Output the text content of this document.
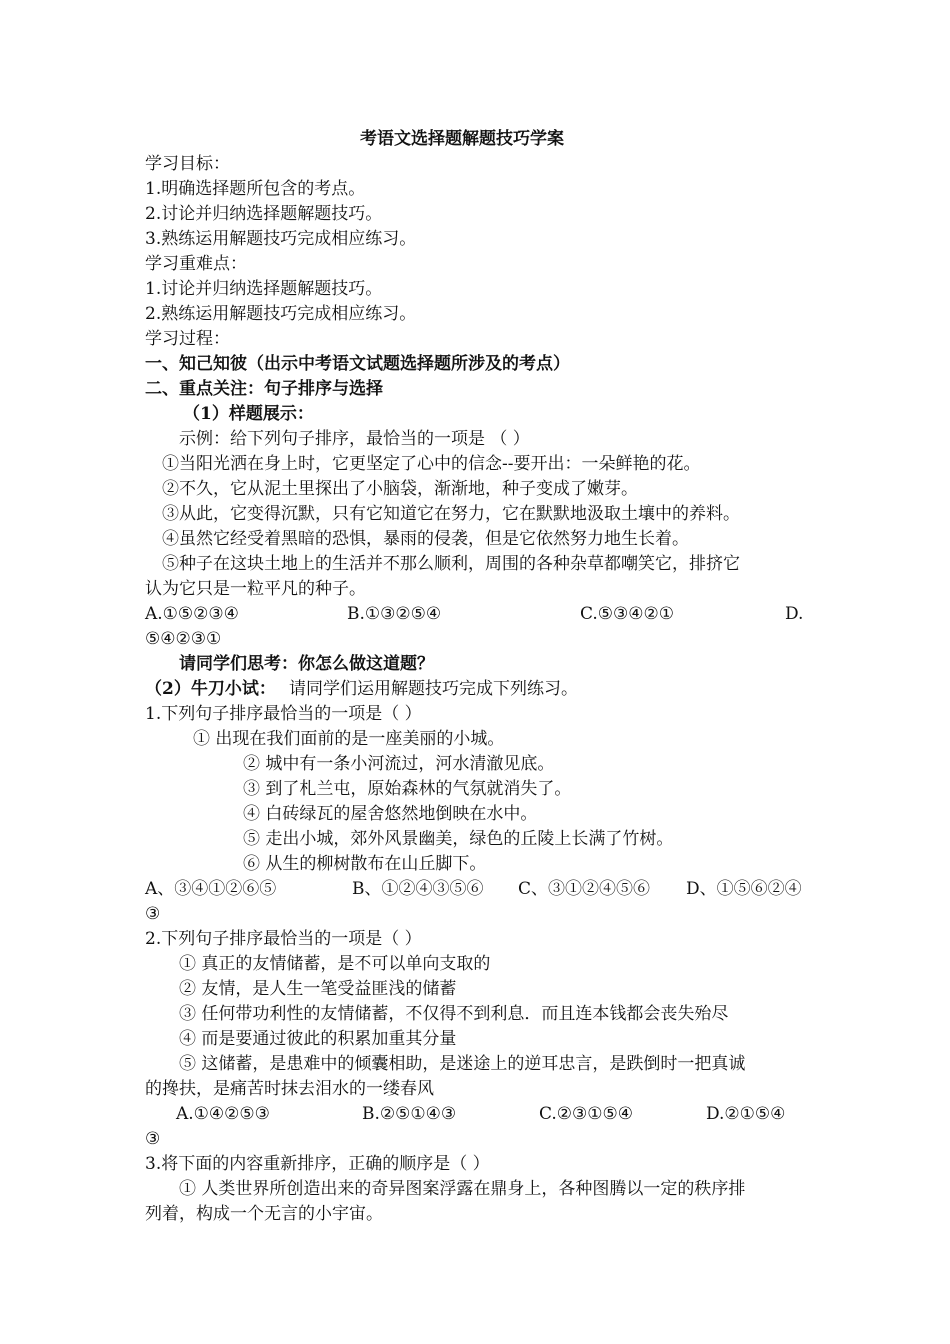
考语文选择题解题技巧学案
学习目标：
1.明确选择题所包含的考点。
2.讨论并归纳选择题解题技巧。
3.熟练运用解题技巧完成相应练习。
学习重难点：
1.讨论并归纳选择题解题技巧。
2.熟练运用解题技巧完成相应练习。
学习过程：
一、知己知彼（出示中考语文试题选择题所涉及的考点）
二、重点关注：句子排序与选择
（1）样题展示：
示例：给下列句子排序，最恰当的一项是 （ ）
①当阳光洒在身上时，它更坚定了心中的信念--要开出：一朵鲜艳的花。
②不久，它从泥土里探出了小脑袋，渐渐地，种子变成了嫩芽。
③从此，它变得沉默，只有它知道它在努力，它在默默地汲取土壤中的养料。
④虽然它经受着黑暗的恐惧，暴雨的侵袭，但是它依然努力地生长着。
⑤种子在这块土地上的生活并不那么顺利，周围的各种杂草都嘲笑它，排挤它
认为它只是一粒平凡的种子。
A.①⑤②③④	B.①③②⑤④	C.⑤③④②①	D.
⑤④②③①
请同学们思考：你怎么做这道题？
（2）牛刀小试： 请同学们运用解题技巧完成下列练习。
1.下列句子排序最恰当的一项是（ ）
① 出现在我们面前的是一座美丽的小城。
② 城中有一条小河流过，河水清澈见底。
③ 到了札兰屯，原始森林的气氛就消失了。
④ 白砖绿瓦的屋舍悠然地倒映在水中。
⑤ 走出小城，郊外风景幽美，绿色的丘陵上长满了竹树。
⑥ 从生的柳树散布在山丘脚下。
A、③④①②⑥⑤	B、①②④③⑤⑥ C、③①②④⑤⑥ D、①⑤⑥②④
③
2.下列句子排序最恰当的一项是（ ）
① 真正的友情储蓄，是不可以单向支取的
② 友情，是人生一笔受益匪浅的储蓄
③ 任何带功利性的友情储蓄，不仅得不到利息．而且连本钱都会丧失殆尽
④ 而是要通过彼此的积累加重其分量
⑤ 这储蓄，是患难中的倾囊相助，是迷途上的逆耳忠言，是跌倒时一把真诚
的搀扶，是痛苦时抹去泪水的一缕春风
A.①④②⑤③	B.②⑤①④③	C.②③①⑤④	D.②①⑤④
③
3.将下面的内容重新排序，正确的顺序是（ ）
① 人类世界所创造出来的奇异图案浮露在鼎身上，各种图腾以一定的秩序排
列着，构成一个无言的小宇宙。
